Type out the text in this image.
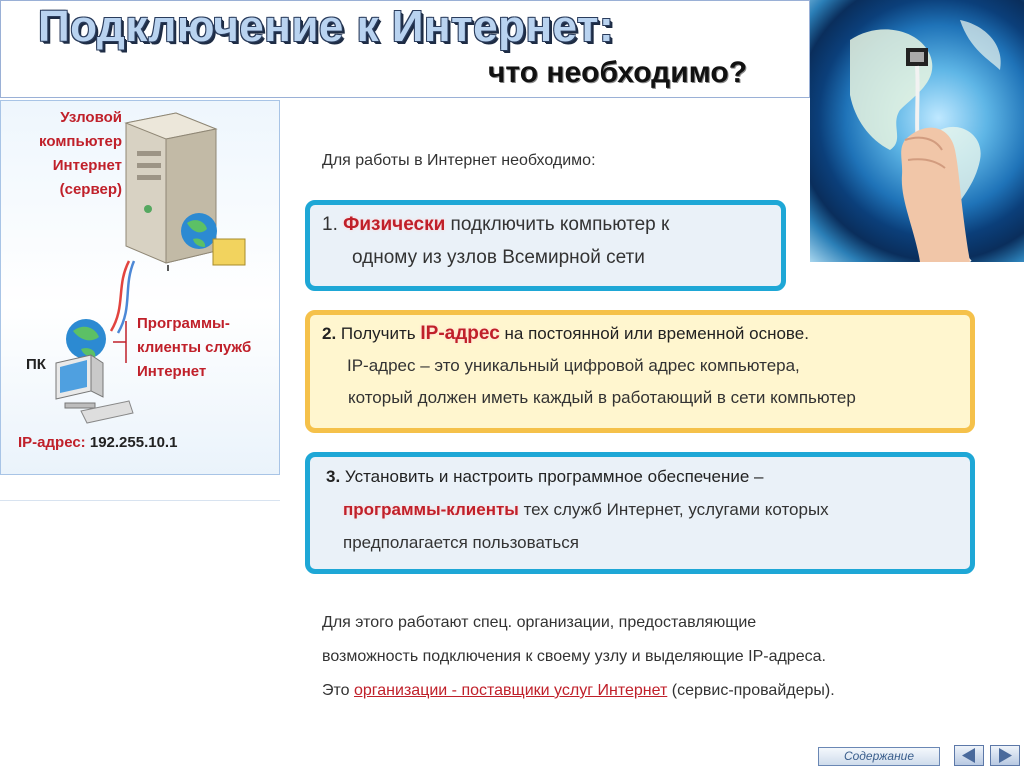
Подключение к Интернет:
что необходимо?
Узловой
компьютер
Интернет
(сервер)
Программы-
клиенты служб
Интернет
ПК
IP-адрес: 192.255.10.1
Для работы в Интернет необходимо:
1. Физически подключить компьютер к
одному из узлов Всемирной сети
2. Получить IP-адрес на постоянной или временной основе.
IP-адрес – это уникальный цифровой адрес компьютера,
который должен иметь каждый в работающий в сети компьютер
3. Установить и настроить программное обеспечение –
программы-клиенты тех служб Интернет, услугами которых
предполагается пользоваться
Для этого работают спец. организации, предоставляющие
возможность подключения к своему узлу и выделяющие IP-адреса.
Это организации - поставщики услуг Интернет (сервис-провайдеры).
Содержание
